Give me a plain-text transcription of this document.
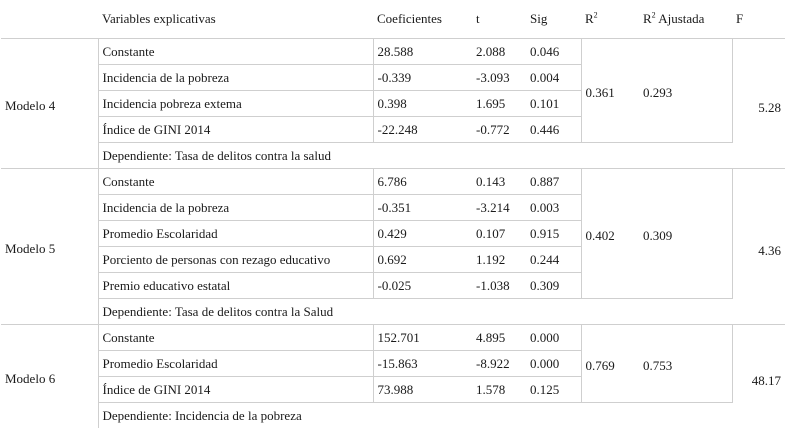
	Variables explicativas	Coeficientes	t	Sig	$R^2$	$R^2$ Ajustada	F
Modelo 4	Constante	28.588	2.088	0.046	0.361	0.293	5.28
	Incidencia de la pobreza	-0.339	-3.093	0.004			
	Incidencia pobreza extema	0.398	1.695	0.101			
	Índice de GINI 2014	-22.248	-0.772	0.446			
	Dependiente: Tasa de delitos contra la salud						
Modelo 5	Constante	6.786	0.143	0.887	0.402	0.309	4.36
	Incidencia de la pobreza	-0.351	-3.214	0.003			
	Promedio Escolaridad	0.429	0.107	0.915			
	Porciento de personas con rezago educativo	0.692	1.192	0.244			
	Premio educativo estatal	-0.025	-1.038	0.309			
	Dependiente: Tasa de delitos contra la Salud						
Modelo 6	Constante	152.701	4.895	0.000	0.769	0.753	48.17
	Promedio Escolaridad	-15.863	-8.922	0.000			
	Índice de GINI 2014	73.988	1.578	0.125			
	Dependiente: Incidencia de la pobreza						
